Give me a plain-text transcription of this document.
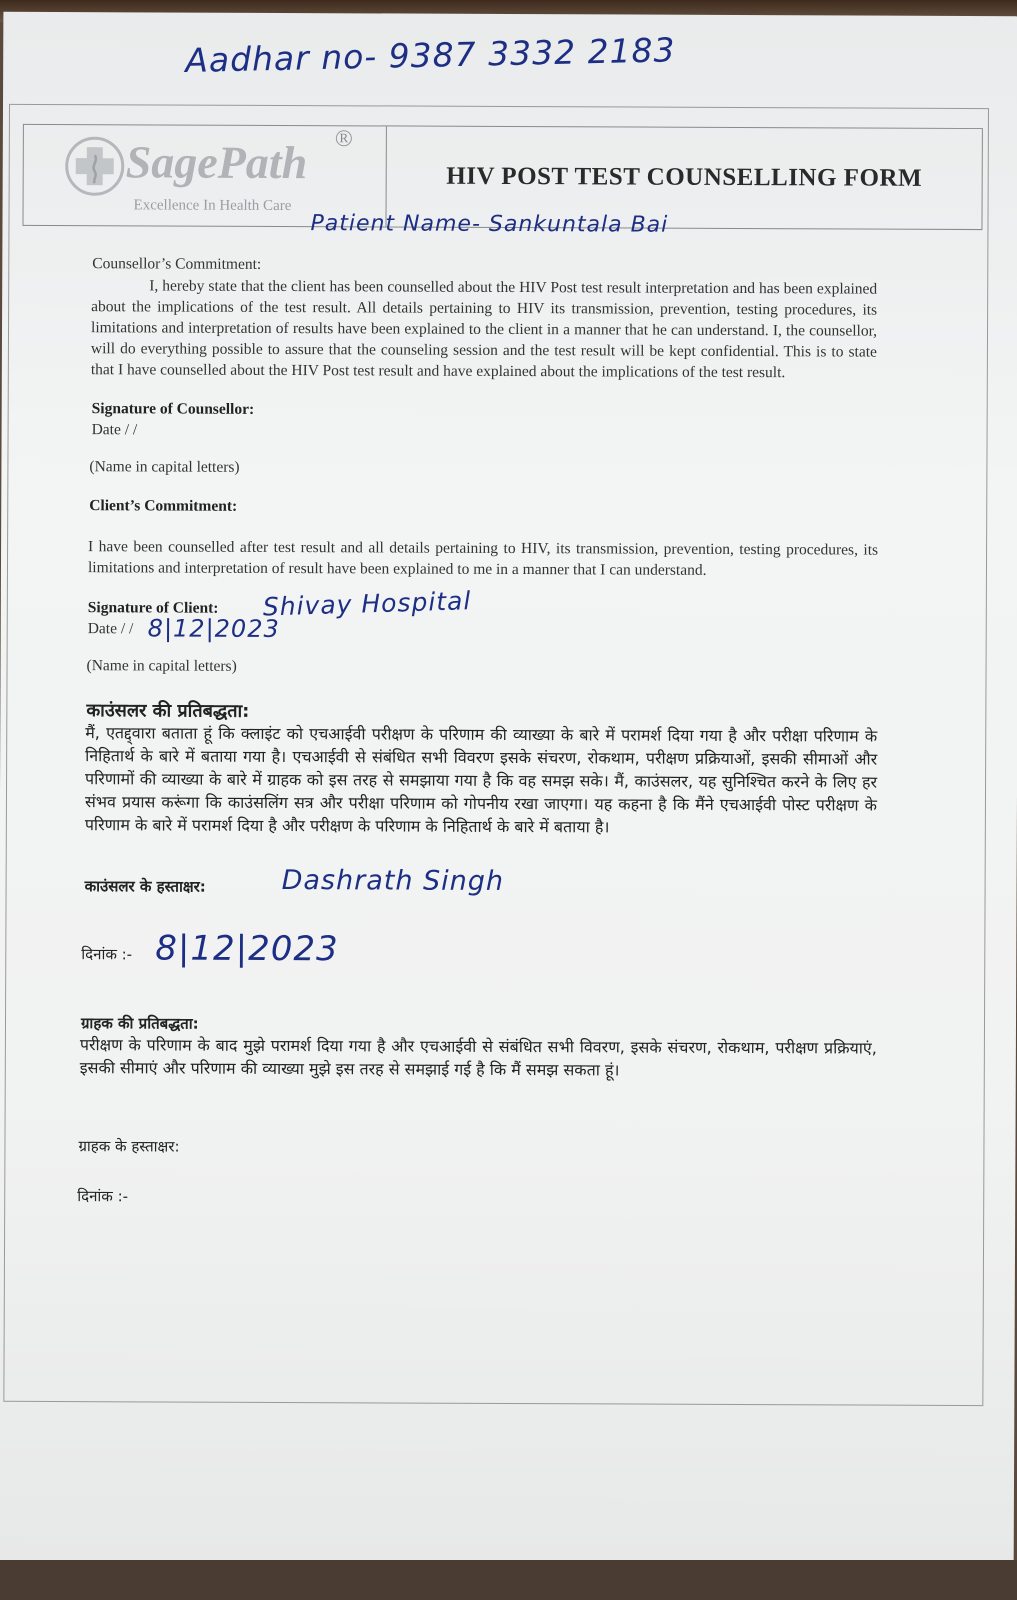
Aadhar no- 9387 3332 2183
SagePath R
Excellence In Health Care
HIV POST TEST COUNSELLING FORM
Patient Name- Sankuntala Bai
Counsellor’s Commitment:
I, hereby state that the client has been counselled about the HIV Post test result interpretation and has been explained about the implications of the test result. All details pertaining to HIV its transmission, prevention, testing procedures, its limitations and interpretation of results have been explained to the client in a manner that he can understand. I, the counsellor, will do everything possible to assure that the counseling session and the test result will be kept confidential. This is to state that I have counselled about the HIV Post test result and have explained about the implications of the test result.
Signature of Counsellor:
Date / /
(Name in capital letters)
Client’s Commitment:
I have been counselled after test result and all details pertaining to HIV, its transmission, prevention, testing procedures, its limitations and interpretation of result have been explained to me in a manner that I can understand.
Signature of Client: Shivay Hospital
Date / / 8|12|2023
(Name in capital letters)
काउंसलर की प्रतिबद्धता:
मैं, एतद्द्वारा बताता हूं कि क्लाइंट को एचआईवी परीक्षण के परिणाम की व्याख्या के बारे में परामर्श दिया गया है और परीक्षा परिणाम के निहितार्थ के बारे में बताया गया है। एचआईवी से संबंधित सभी विवरण इसके संचरण, रोकथाम, परीक्षण प्रक्रियाओं, इसकी सीमाओं और परिणामों की व्याख्या के बारे में ग्राहक को इस तरह से समझाया गया है कि वह समझ सके। मैं, काउंसलर, यह सुनिश्चित करने के लिए हर संभव प्रयास करूंगा कि काउंसलिंग सत्र और परीक्षा परिणाम को गोपनीय रखा जाएगा। यह कहना है कि मैंने एचआईवी पोस्ट परीक्षण के परिणाम के बारे में परामर्श दिया है और परीक्षण के परिणाम के निहितार्थ के बारे में बताया है।
काउंसलर के हस्ताक्षर:	Dashrath Singh
दिनांक :- 8|12|2023
ग्राहक की प्रतिबद्धता:
परीक्षण के परिणाम के बाद मुझे परामर्श दिया गया है और एचआईवी से संबंधित सभी विवरण, इसके संचरण, रोकथाम, परीक्षण प्रक्रियाएं, इसकी सीमाएं और परिणाम की व्याख्या मुझे इस तरह से समझाई गई है कि मैं समझ सकता हूं।
ग्राहक के हस्ताक्षर:
दिनांक :-
